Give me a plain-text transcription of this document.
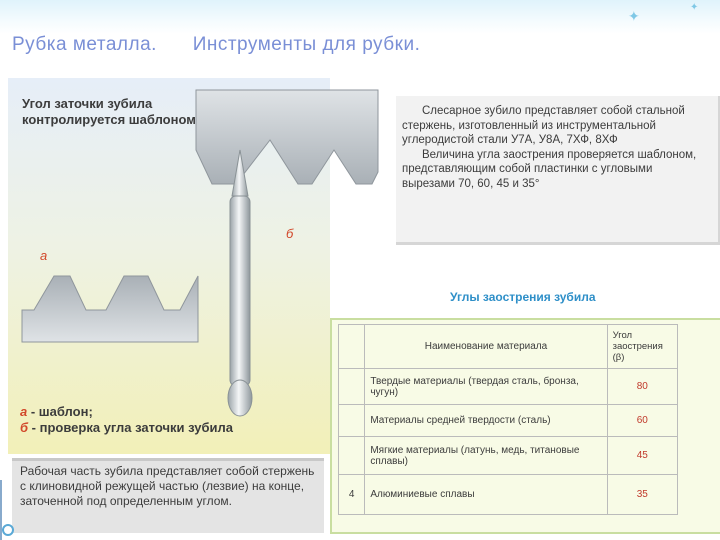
✦
✦
Рубка металла. Инструменты для рубки.
Угол заточки зубила контролируется шаблоном
б
а
а - шаблон;
б - проверка угла заточки зубила
Рабочая часть зубила представляет собой стержень с клиновидной режущей частью (лезвие) на конце, заточенной под определенным углом.
Слесарное зубило представляет собой стальной стержень, изготовленный из инструментальной углеродистой стали У7А, У8А, 7ХФ, 8ХФ
Величина угла заострения проверяется шаблоном, представляющим собой пластинки с угловыми вырезами 70, 60, 45 и 35°
Углы заострения зубила
	Наименование материала	Угол заострения (β)
	Твердые материалы (твердая сталь, бронза, чугун)	80
	Материалы средней твердости (сталь)	60
	Мягкие материалы (латунь, медь, титановые сплавы)	45
4	Алюминиевые сплавы	35
